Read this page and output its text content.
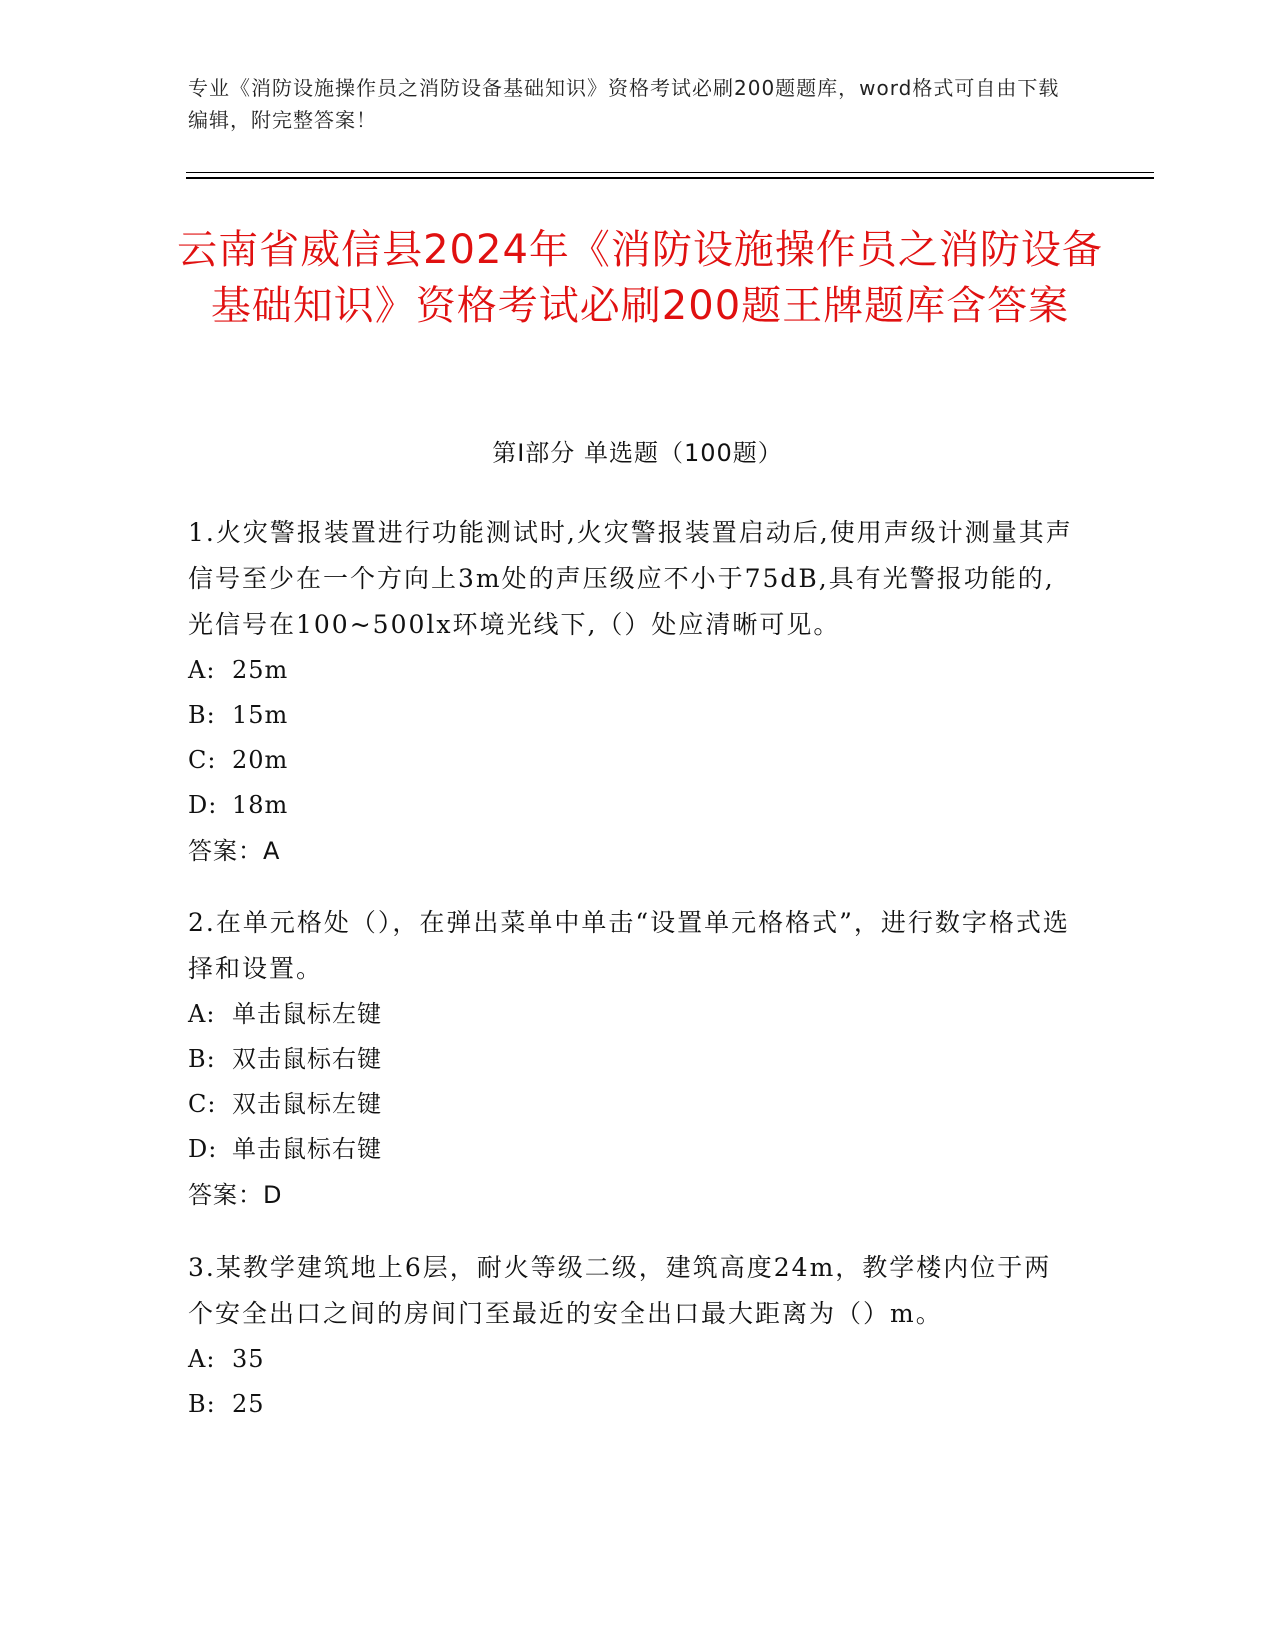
专业《消防设施操作员之消防设备基础知识》资格考试必刷200题题库，word格式可自由下载编辑，附完整答案！
云南省威信县2024年《消防设施操作员之消防设备基础知识》资格考试必刷200题王牌题库含答案
第Ⅰ部分 单选题（100题）

1.火灾警报装置进行功能测试时,火灾警报装置启动后,使用声级计测量其声信号至少在一个方向上3m处的声压级应不小于75dB,具有光警报功能的,光信号在100~500lx环境光线下,（）处应清晰可见。

A: 25m

B: 15m

C: 20m

D: 18m

答案：A

2.在单元格处（），在弹出菜单中单击“设置单元格格式”，进行数字格式选择和设置。

A: 单击鼠标左键

B: 双击鼠标右键

C: 双击鼠标左键

D: 单击鼠标右键

答案：D

3.某教学建筑地上6层，耐火等级二级，建筑高度24m，教学楼内位于两个安全出口之间的房间门至最近的安全出口最大距离为（）m。

A: 35

B: 25
